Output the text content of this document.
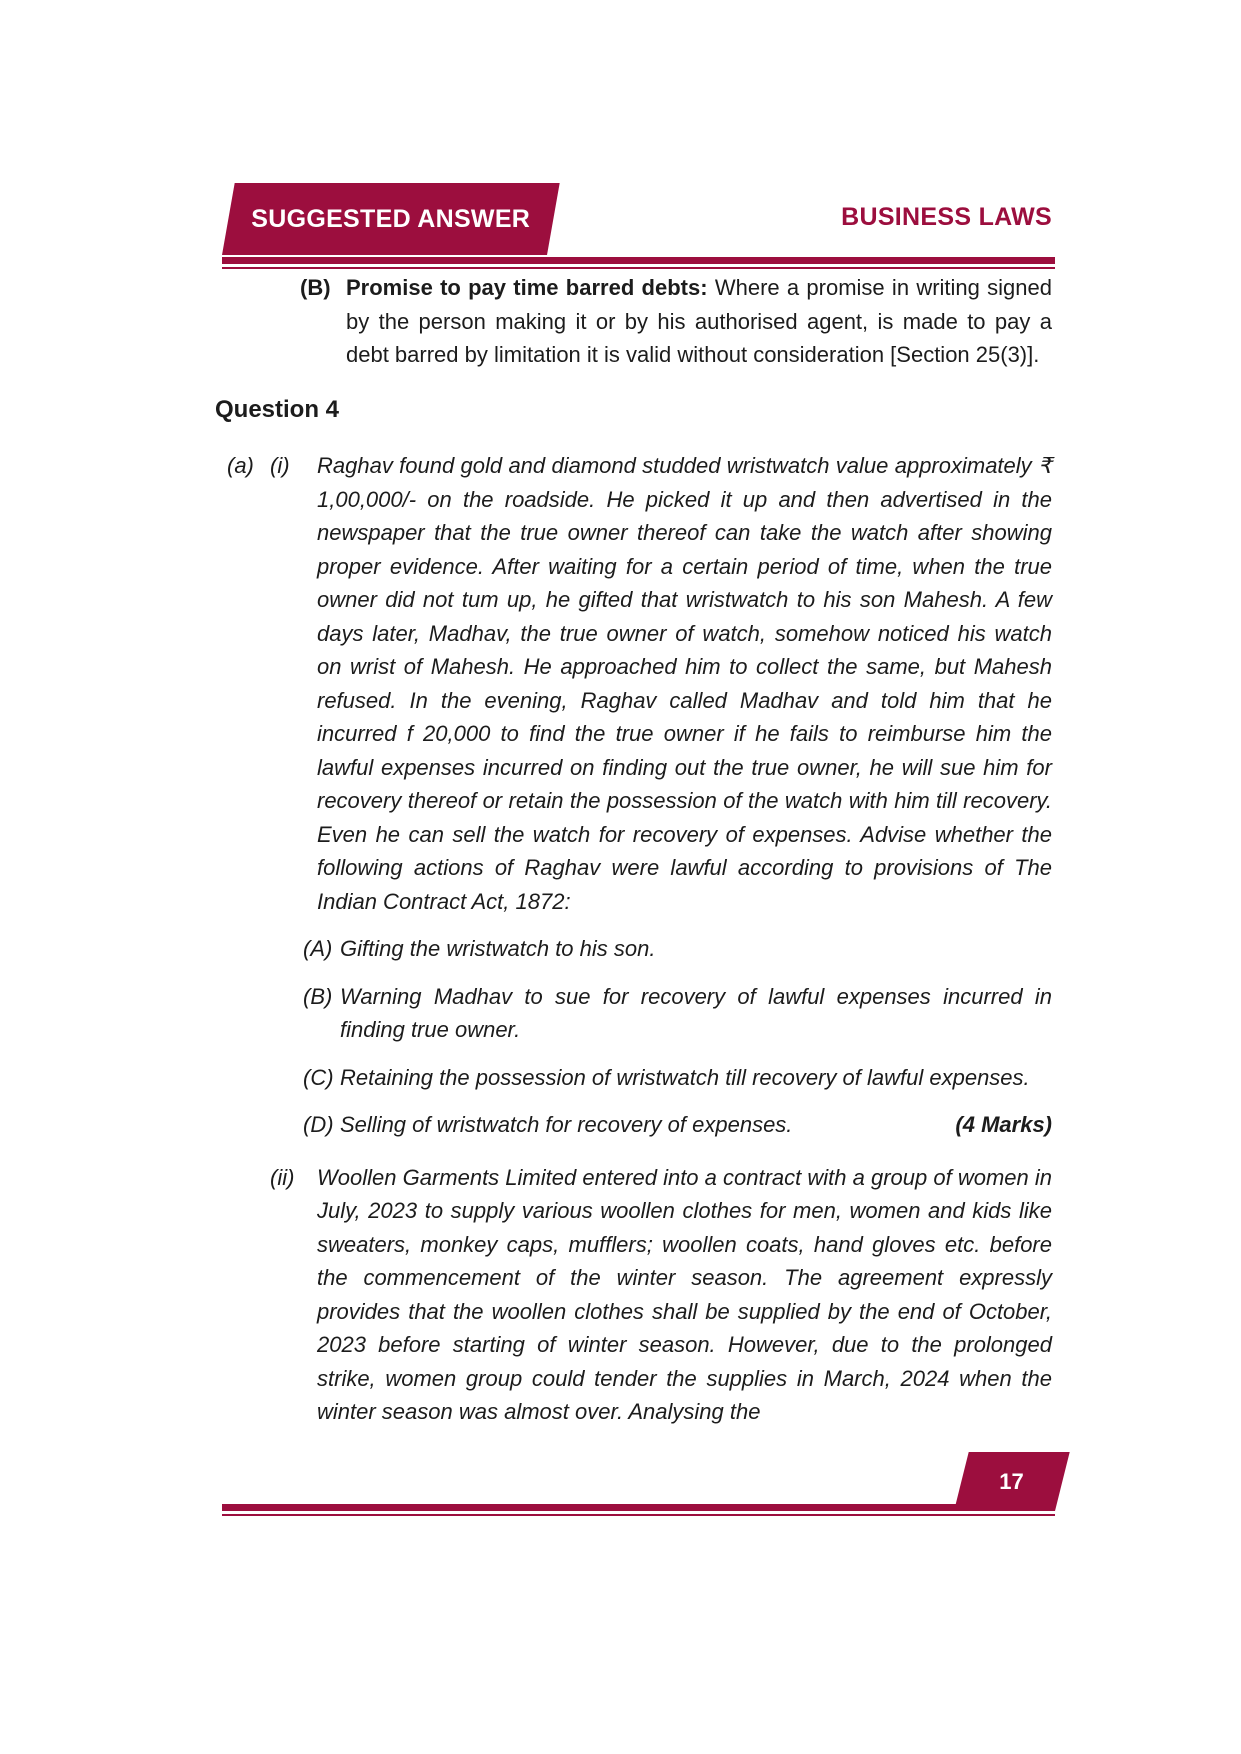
SUGGESTED ANSWER	BUSINESS LAWS
(B) Promise to pay time barred debts: Where a promise in writing signed by the person making it or by his authorised agent, is made to pay a debt barred by limitation it is valid without consideration [Section 25(3)].
Question 4
(a) (i)	Raghav found gold and diamond studded wristwatch value approximately ₹ 1,00,000/- on the roadside. He picked it up and then advertised in the newspaper that the true owner thereof can take the watch after showing proper evidence. After waiting for a certain period of time, when the true owner did not tum up, he gifted that wristwatch to his son Mahesh. A few days later, Madhav, the true owner of watch, somehow noticed his watch on wrist of Mahesh. He approached him to collect the same, but Mahesh refused. In the evening, Raghav called Madhav and told him that he incurred f 20,000 to find the true owner if he fails to reimburse him the lawful expenses incurred on finding out the true owner, he will sue him for recovery thereof or retain the possession of the watch with him till recovery. Even he can sell the watch for recovery of expenses. Advise whether the following actions of Raghav were lawful according to provisions of The Indian Contract Act, 1872:
(A) Gifting the wristwatch to his son.
(B) Warning Madhav to sue for recovery of lawful expenses incurred in finding true owner.
(C) Retaining the possession of wristwatch till recovery of lawful expenses.
(D) Selling of wristwatch for recovery of expenses.	(4 Marks)
(ii)	Woollen Garments Limited entered into a contract with a group of women in July, 2023 to supply various woollen clothes for men, women and kids like sweaters, monkey caps, mufflers; woollen coats, hand gloves etc. before the commencement of the winter season. The agreement expressly provides that the woollen clothes shall be supplied by the end of October, 2023 before starting of winter season. However, due to the prolonged strike, women group could tender the supplies in March, 2024 when the winter season was almost over. Analysing the
17
